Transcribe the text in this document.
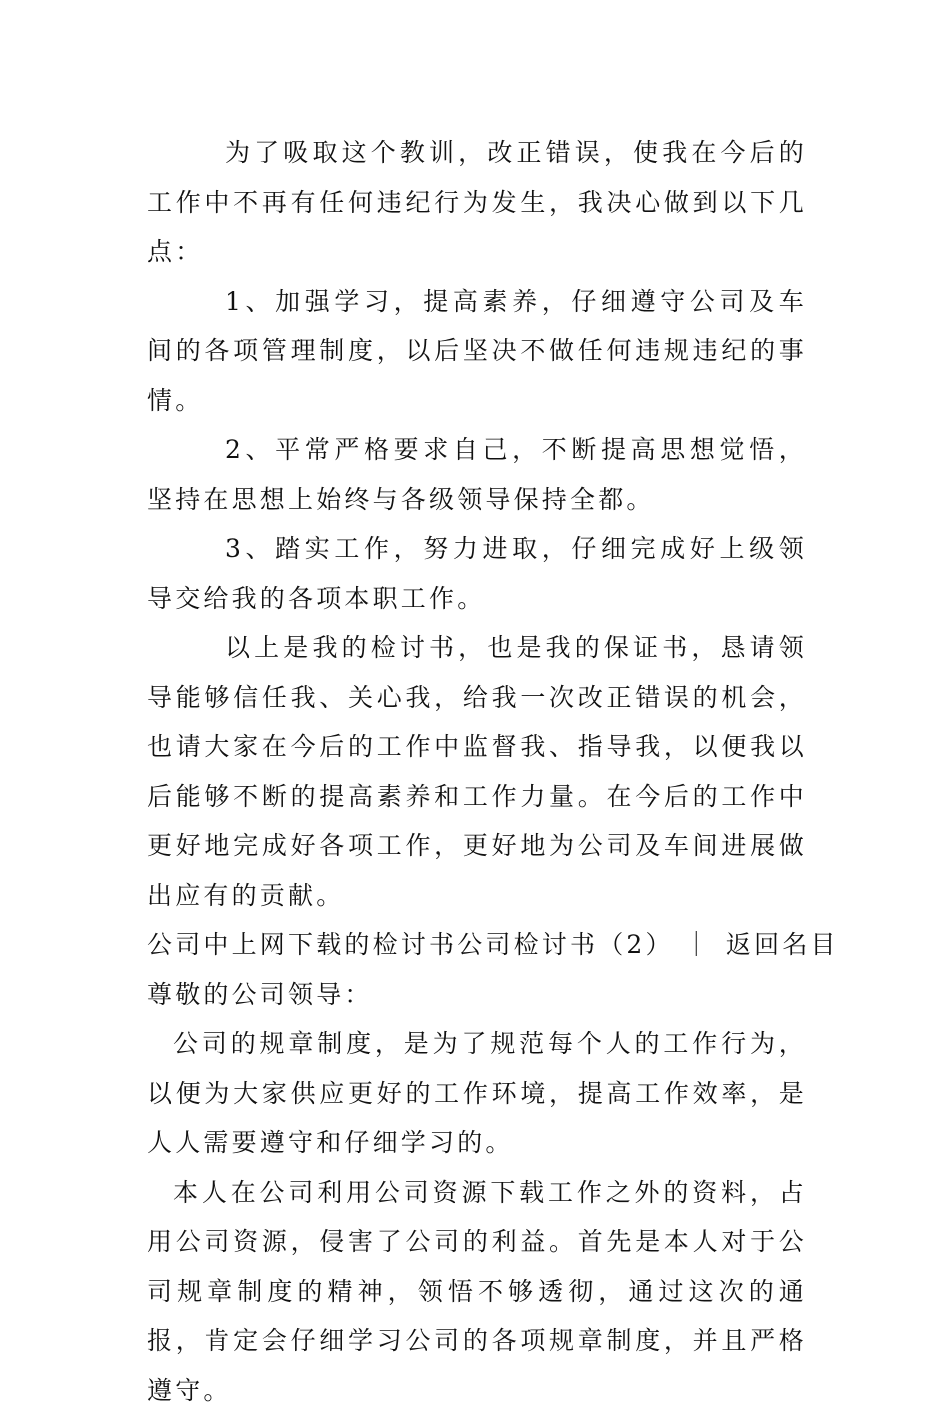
为了吸取这个教训，改正错误，使我在今后的工作中不再有任何违纪行为发生，我决心做到以下几点：

1、加强学习，提高素养，仔细遵守公司及车间的各项管理制度，以后坚决不做任何违规违纪的事情。

2、平常严格要求自己，不断提高思想觉悟，坚持在思想上始终与各级领导保持全都。

3、踏实工作，努力进取，仔细完成好上级领导交给我的各项本职工作。

以上是我的检讨书，也是我的保证书，恳请领导能够信任我、关心我，给我一次改正错误的机会，也请大家在今后的工作中监督我、指导我，以便我以后能够不断的提高素养和工作力量。在今后的工作中更好地完成好各项工作，更好地为公司及车间进展做出应有的贡献。

公司中上网下载的检讨书公司检讨书（2） ｜ 返回名目

尊敬的公司领导：

公司的规章制度，是为了规范每个人的工作行为，以便为大家供应更好的工作环境，提高工作效率，是人人需要遵守和仔细学习的。

本人在公司利用公司资源下载工作之外的资料，占用公司资源，侵害了公司的利益。首先是本人对于公司规章制度的精神，领悟不够透彻，通过这次的通报，肯定会仔细学习公司的各项规章制度，并且严格遵守。
